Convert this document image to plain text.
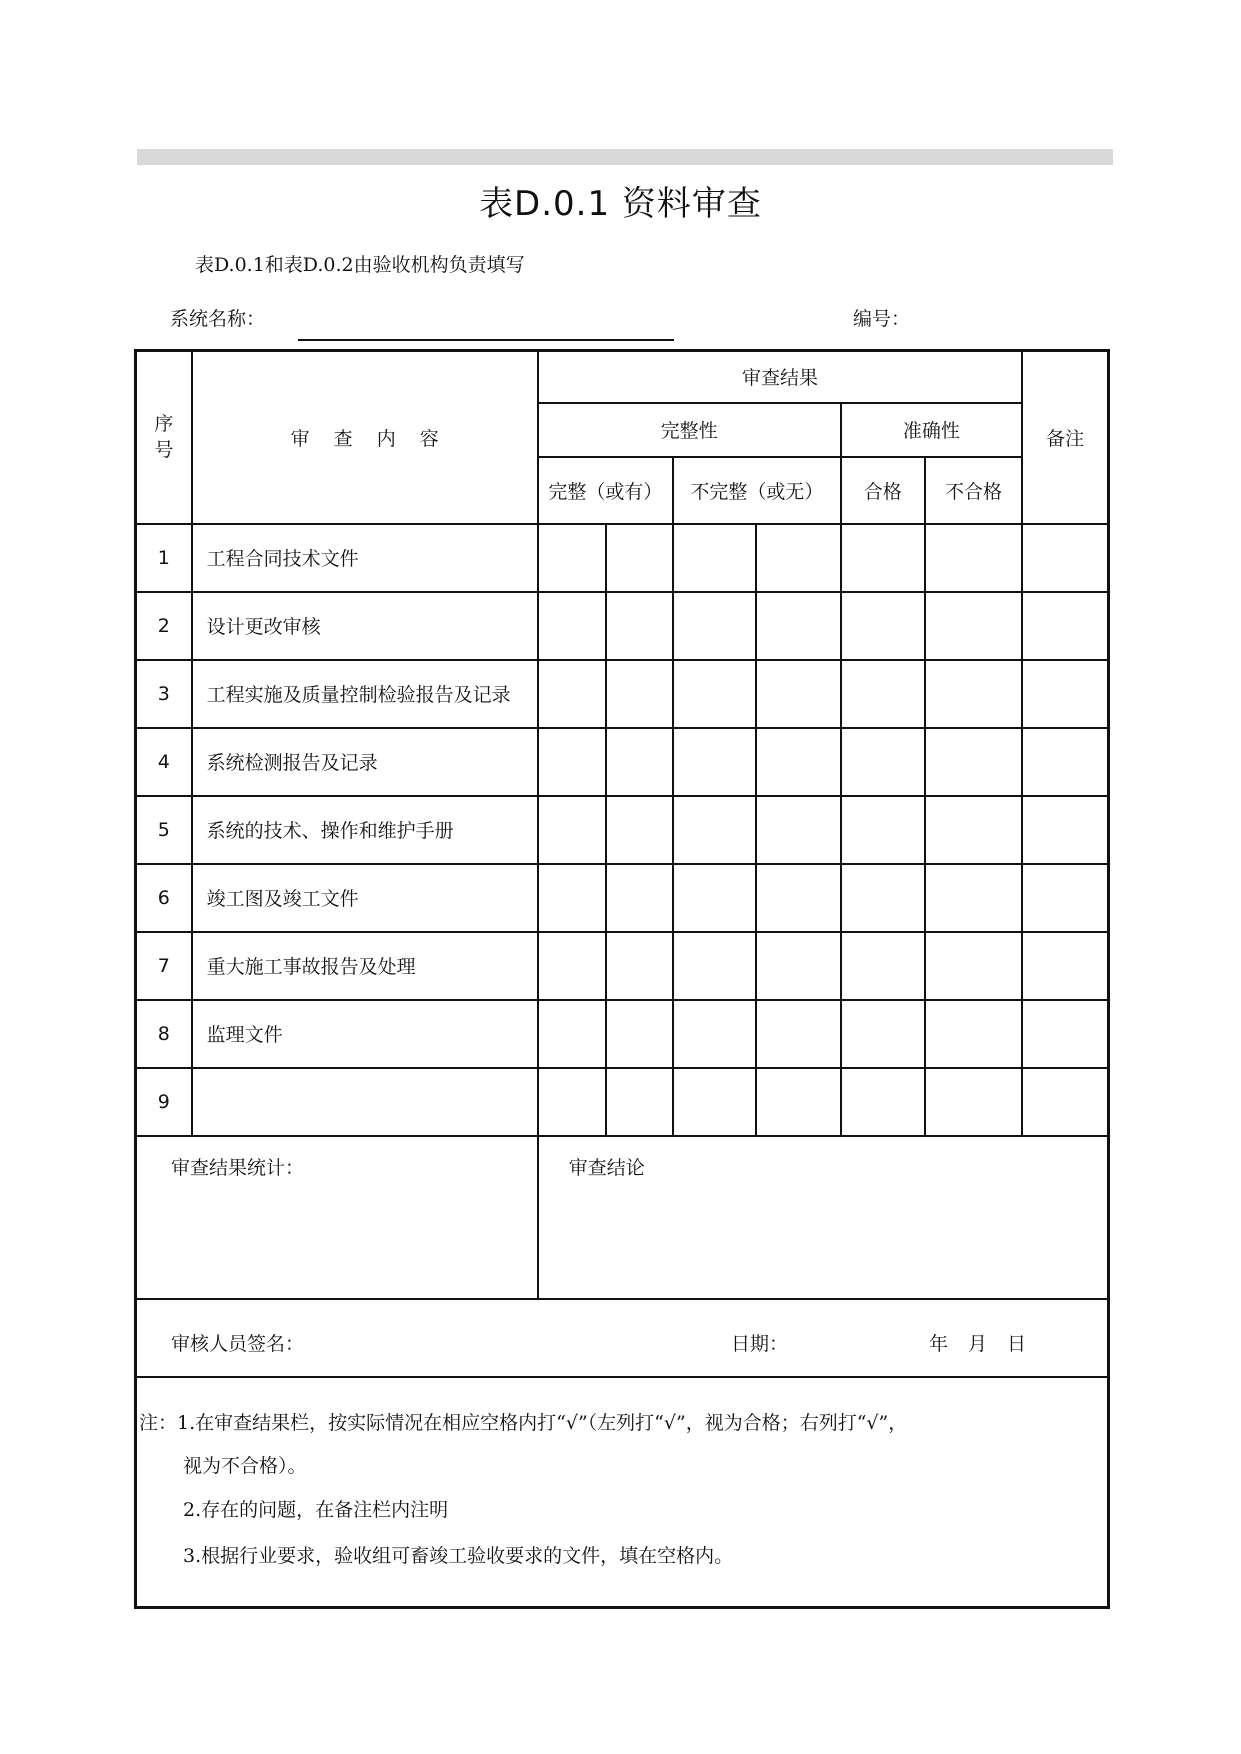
表D.0.1 资料审查
表D.0.1和表D.0.2由验收机构负责填写
系统名称：	编号：
序号	审 查 内 容	审查结果						备注
		完整性				准确性		
		完整（或有）		不完整（或无）		合格	不合格	
1	工程合同技术文件							
2	设计更改审核							
3	工程实施及质量控制检验报告及记录							
4	系统检测报告及记录							
5	系统的技术、操作和维护手册							
6	竣工图及竣工文件							
7	重大施工事故报告及处理							
8	监理文件							
9								
审查结果统计：		审查结论						

审核人员签名： 日期： 年 月 日								

注：1.在审查结果栏，按实际情况在相应空格内打“√”（左列打“√”，视为合格；右列打“√”，
视为不合格）。
2.存在的问题，在备注栏内注明
3.根据行业要求，验收组可畜竣工验收要求的文件，填在空格内。								
